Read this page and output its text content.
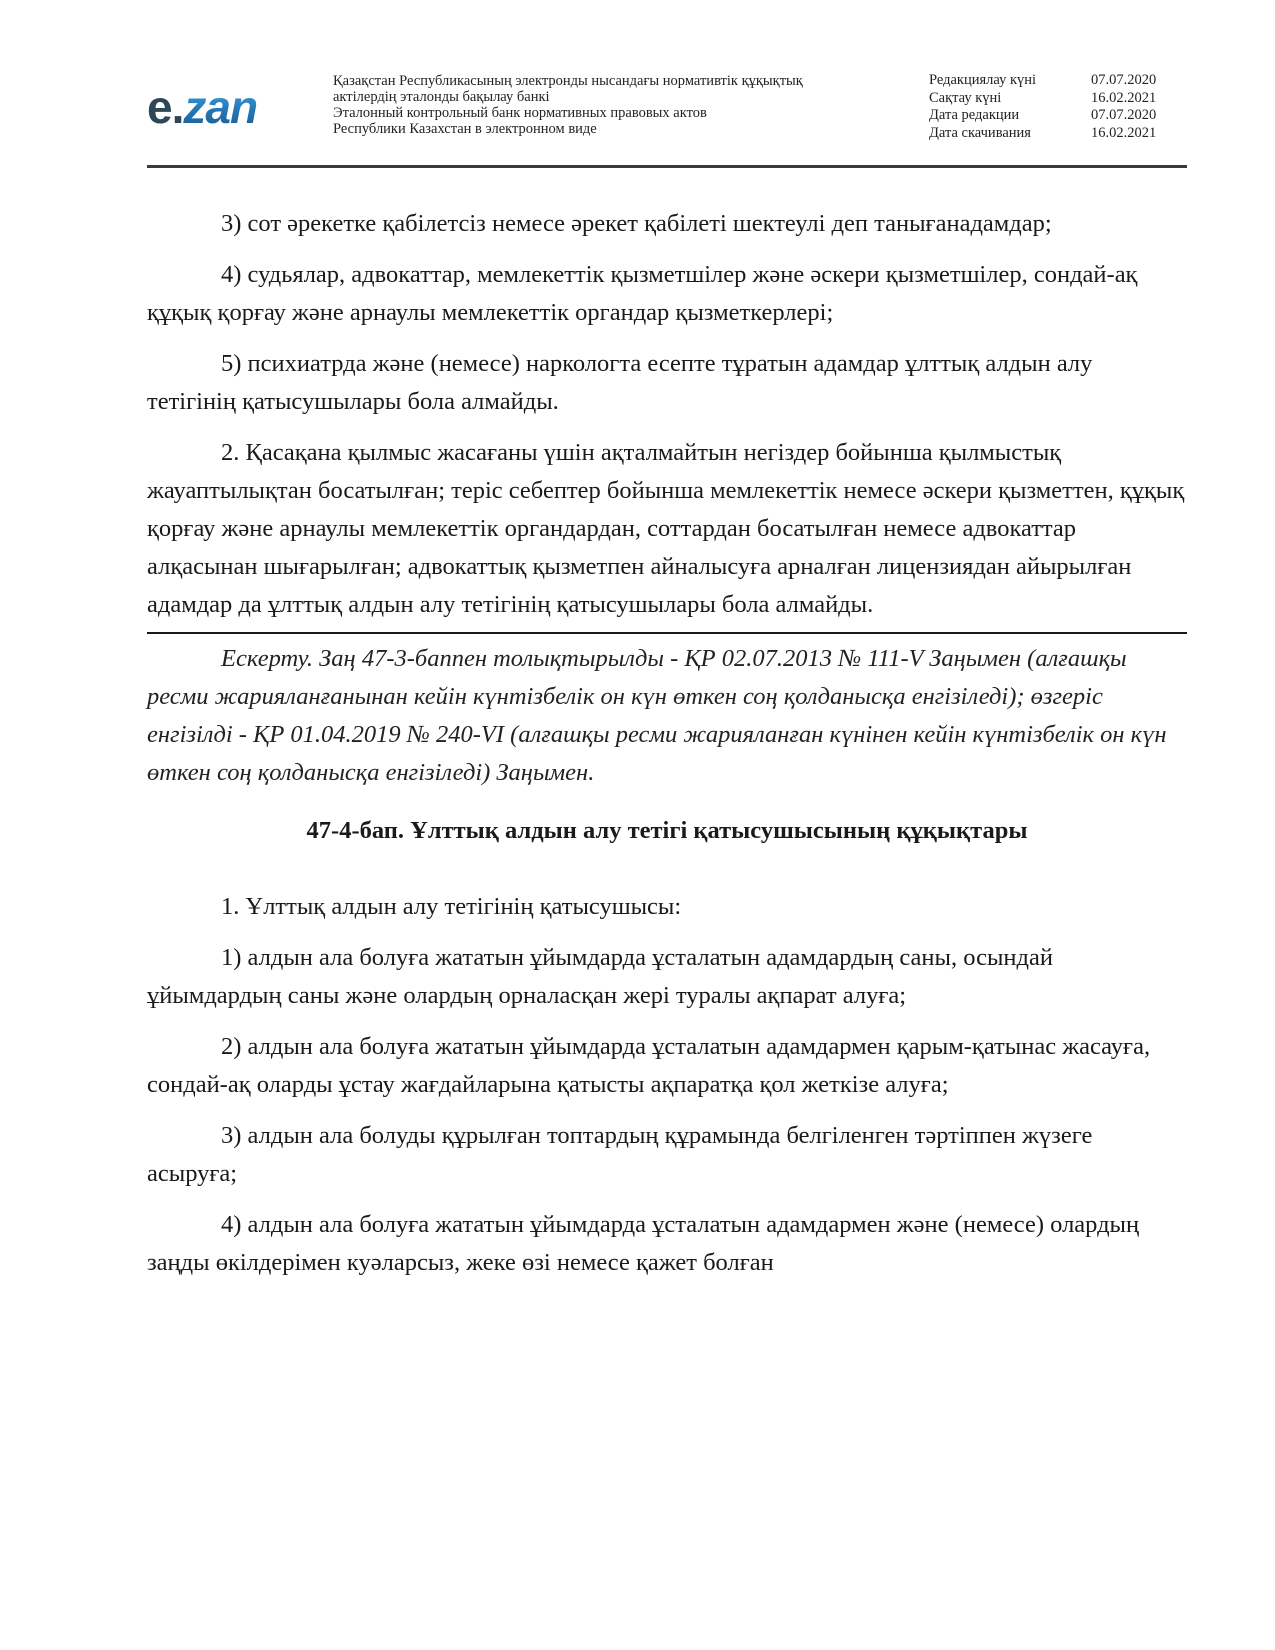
e.zan	Қазақстан Республикасының электронды нысандағы нормативтік құқықтық
актілердің эталонды бақылау банкі
Эталонный контрольный банк нормативных правовых актов
Республики Казахстан в электронном виде
Редакциялау күні	07.07.2020
Сақтау күні	16.02.2021
Дата редакции	07.07.2020
Дата скачивания	16.02.2021

3) сот әрекетке қабілетсіз немесе әрекет қабілеті шектеулі деп танығанадамдар;

4) судьялар, адвокаттар, мемлекеттік қызметшілер және әскери қызметшілер, сондай-ақ құқық қорғау және арнаулы мемлекеттік органдар қызметкерлері;

5) психиатрда және (немесе) наркологта есепте тұратын адамдар ұлттық алдын алу тетігінің қатысушылары бола алмайды.

2. Қасақана қылмыс жасағаны үшін ақталмайтын негіздер бойынша қылмыстық жауаптылықтан босатылған; теріс себептер бойынша мемлекеттік немесе әскери қызметтен, құқық қорғау және арнаулы мемлекеттік органдардан, соттардан босатылған немесе адвокаттар алқасынан шығарылған; адвокаттық қызметпен айналысуға арналған лицензиядан айырылған адамдар да ұлттық алдын алу тетігінің қатысушылары бола алмайды.

Ескерту. Заң 47-3-баппен толықтырылды - ҚР 02.07.2013 № 111-V Заңымен (алғашқы ресми жарияланғанынан кейін күнтізбелік он күн өткен соң қолданысқа енгізіледі); өзгеріс енгізілді - ҚР 01.04.2019 № 240-VI (алғашқы ресми жарияланған күнінен кейін күнтізбелік он күн өткен соң қолданысқа енгізіледі) Заңымен.

47-4-бап. Ұлттық алдын алу тетігі қатысушысының құқықтары

1. Ұлттық алдын алу тетігінің қатысушысы:

1) алдын ала болуға жататын ұйымдарда ұсталатын адамдардың саны, осындай ұйымдардың саны және олардың орналасқан жері туралы ақпарат алуға;

2) алдын ала болуға жататын ұйымдарда ұсталатын адамдармен қарым-қатынас жасауға, сондай-ақ оларды ұстау жағдайларына қатысты ақпаратқа қол жеткізе алуға;

3) алдын ала болуды құрылған топтардың құрамында белгіленген тәртіппен жүзеге асыруға;

4) алдын ала болуға жататын ұйымдарда ұсталатын адамдармен және (немесе) олардың заңды өкілдерімен куәларсыз, жеке өзі немесе қажет болған
